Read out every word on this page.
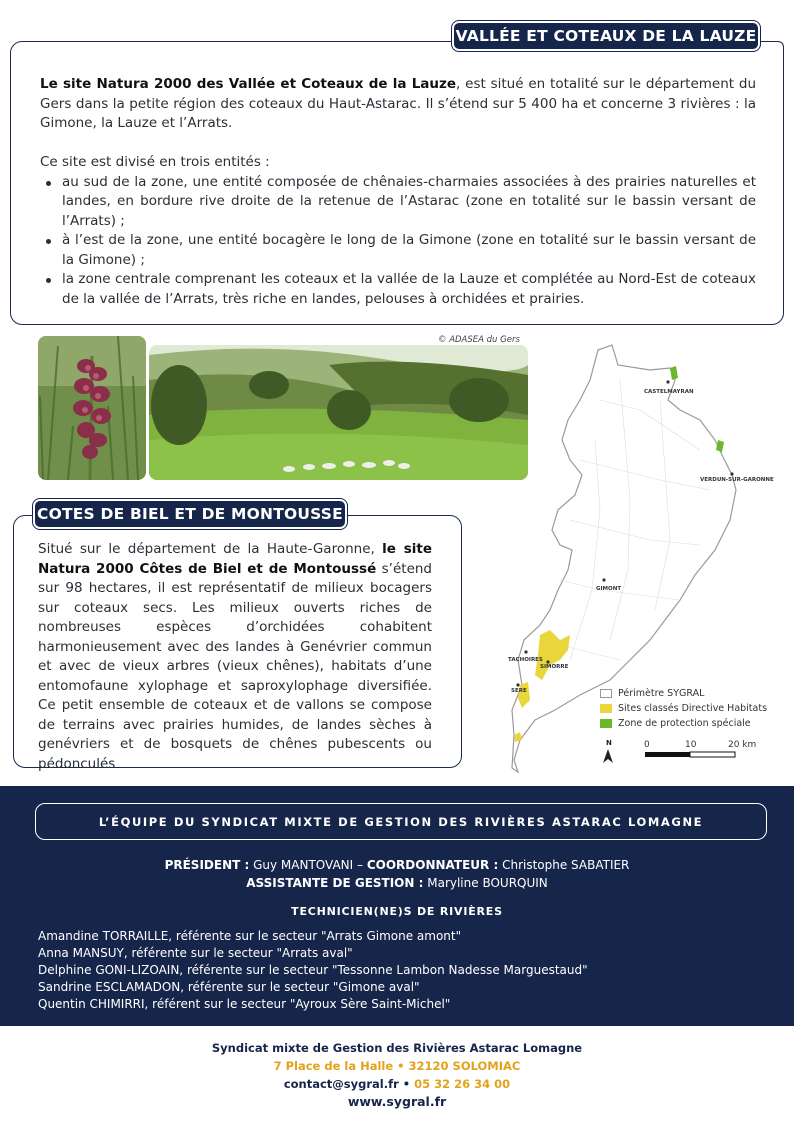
VALLÉE ET COTEAUX DE LA LAUZE

Le site Natura 2000 des Vallée et Coteaux de la Lauze, est situé en totalité sur le département du Gers dans la petite région des coteaux du Haut-Astarac. Il s’étend sur 5 400 ha et concerne 3 rivières : la Gimone, la Lauze et l’Arrats.

Ce site est divisé en trois entités :
au sud de la zone, une entité composée de chênaies-charmaies associées à des prairies naturelles et landes, en bordure rive droite de la retenue de l’Astarac (zone en totalité sur le bassin versant de l’Arrats) ;
à l’est de la zone, une entité bocagère le long de la Gimone (zone en totalité sur le bassin versant de la Gimone) ;
la zone centrale comprenant les coteaux et la vallée de la Lauze et complétée au Nord-Est de coteaux de la vallée de l’Arrats, très riche en landes, pelouses à orchidées et prairies.
© ADASEA du Gers
COTES DE BIEL ET DE MONTOUSSE
Situé sur le département de la Haute-Garonne, le site Natura 2000 Côtes de Biel et de Montoussé s’étend sur 98 hectares, il est représentatif de milieux bocagers sur coteaux secs. Les milieux ouverts riches de nombreuses espèces d’orchidées cohabitent harmonieusement avec des landes à Genévrier commun et avec de vieux arbres (vieux chênes), habitats d’une entomofaune xylophage et saproxylophage diversifiée. Ce petit ensemble de coteaux et de vallons se compose de terrains avec prairies humides, de landes sèches à genévriers et de bosquets de chênes pubescents ou pédonculés
CASTELMAYRAN
VERDUN-SUR-GARONNE
GIMONT
TACHOIRES
SIMORRE
SERE	Périmètre SYGRAL
Sites classés Directive Habitats
Zone de protection spéciale
N	0	10	20 km
L’ÉQUIPE DU SYNDICAT MIXTE DE GESTION DES RIVIÈRES ASTARAC LOMAGNE
PRÉSIDENT : Guy MANTOVANI – COORDONNATEUR : Christophe SABATIER
ASSISTANTE DE GESTION : Maryline BOURQUIN
TECHNICIEN(NE)S DE RIVIÈRES
Amandine TORRAILLE, référente sur le secteur "Arrats Gimone amont"
Anna MANSUY, référente sur le secteur "Arrats aval"
Delphine GONI-LIZOAIN, référente sur le secteur "Tessonne Lambon Nadesse Marguestaud"
Sandrine ESCLAMADON, référente sur le secteur "Gimone aval"
Quentin CHIMIRRI, référent sur le secteur "Ayroux Sère Saint-Michel"
Syndicat mixte de Gestion des Rivières Astarac Lomagne
7 Place de la Halle • 32120 SOLOMIAC
contact@sygral.fr • 05 32 26 34 00
www.sygral.fr
